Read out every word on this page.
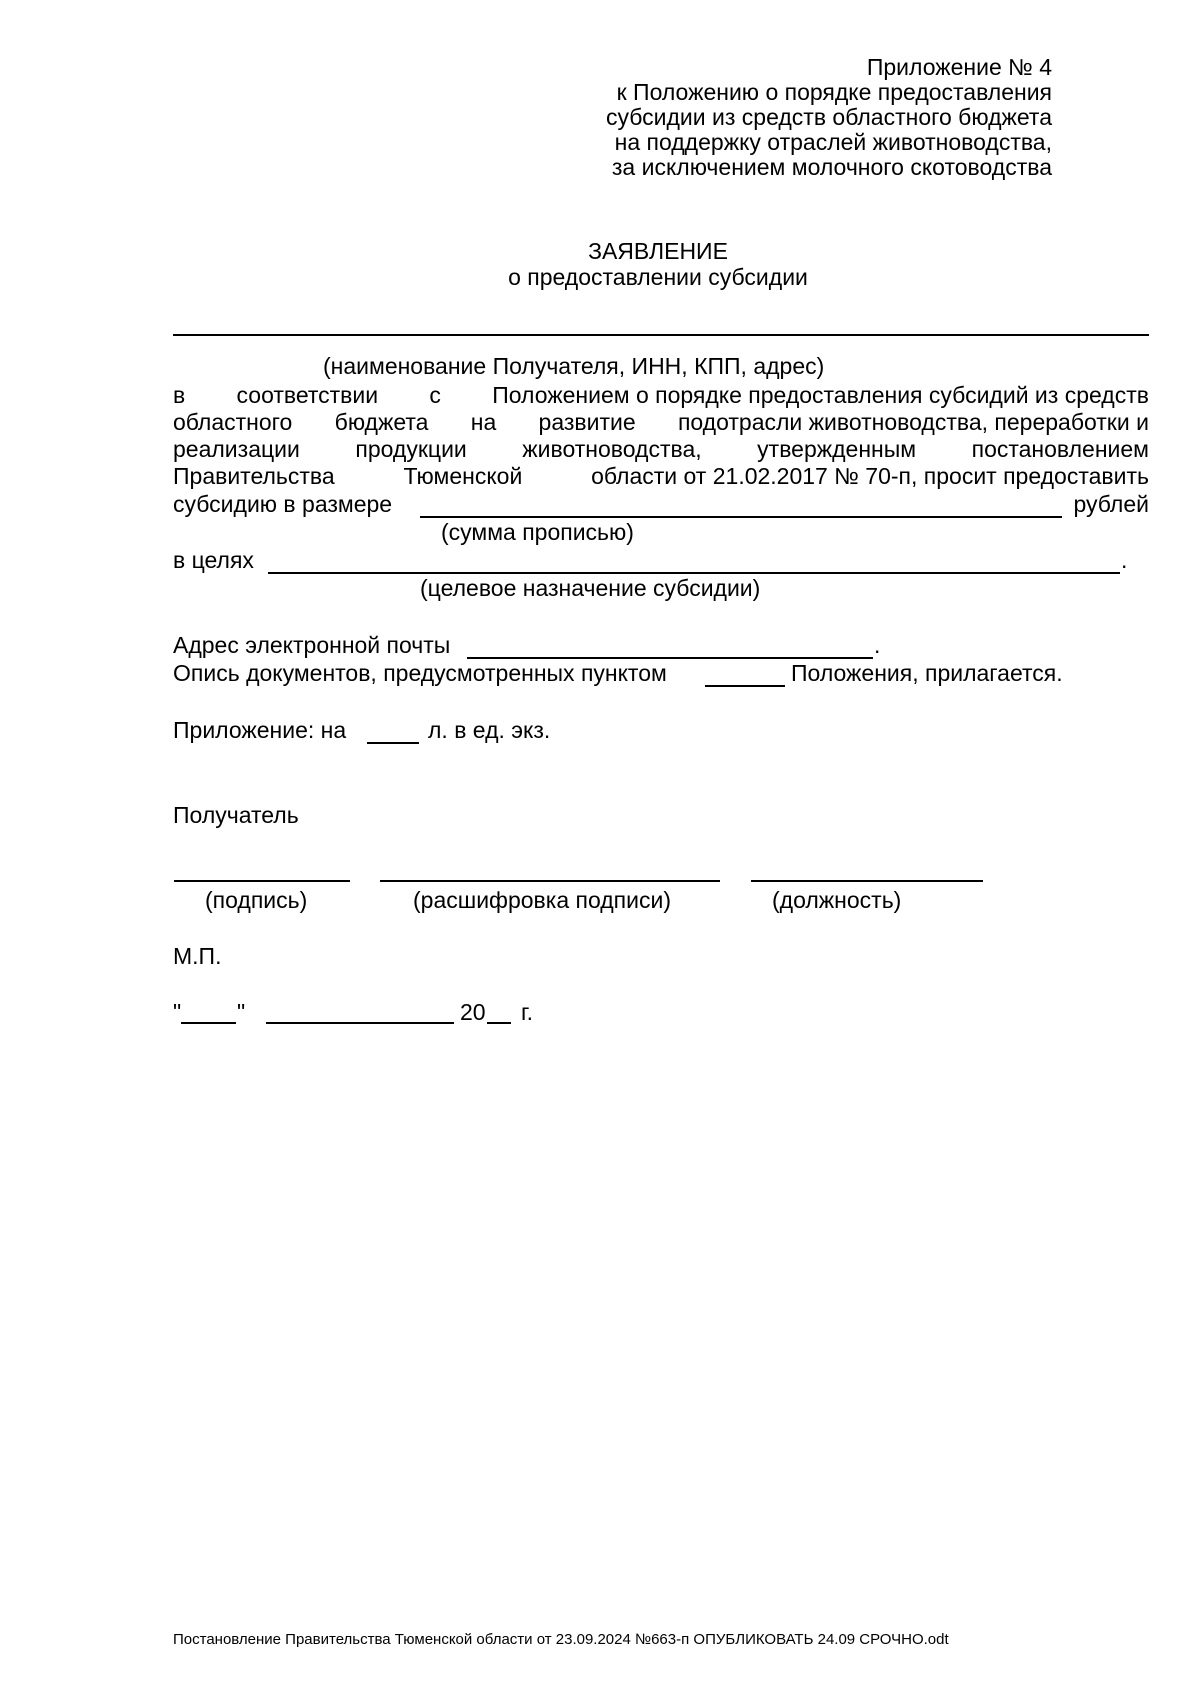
Приложение № 4
к Положению о порядке предоставления
субсидии из средств областного бюджета
на поддержку отраслей животноводства,
за исключением молочного скотоводства
ЗАЯВЛЕНИЕ
о предоставлении субсидии
(наименование Получателя, ИНН, КПП, адрес)
в соответствии с Положением о порядке предоставления субсидий из средств
областного бюджета на развитие подотрасли животноводства, переработки и
реализации продукции животноводства, утвержденным постановлением
Правительства	Тюменской	области от 21.02.2017 № 70-п, просит предоставить
субсидию в размере	рублей
(сумма прописью)
в целях	.
(целевое назначение субсидии)
Адрес электронной почты	.
Опись документов, предусмотренных пунктом	Положения, прилагается.
Приложение: на	л. в ед. экз.
Получатель
(подпись)	(расшифровка подписи)	(должность)
М.П.
" "	20 г.
Постановление Правительства Тюменской области от 23.09.2024 №663-п ОПУБЛИКОВАТЬ 24.09 СРОЧНО.odt
